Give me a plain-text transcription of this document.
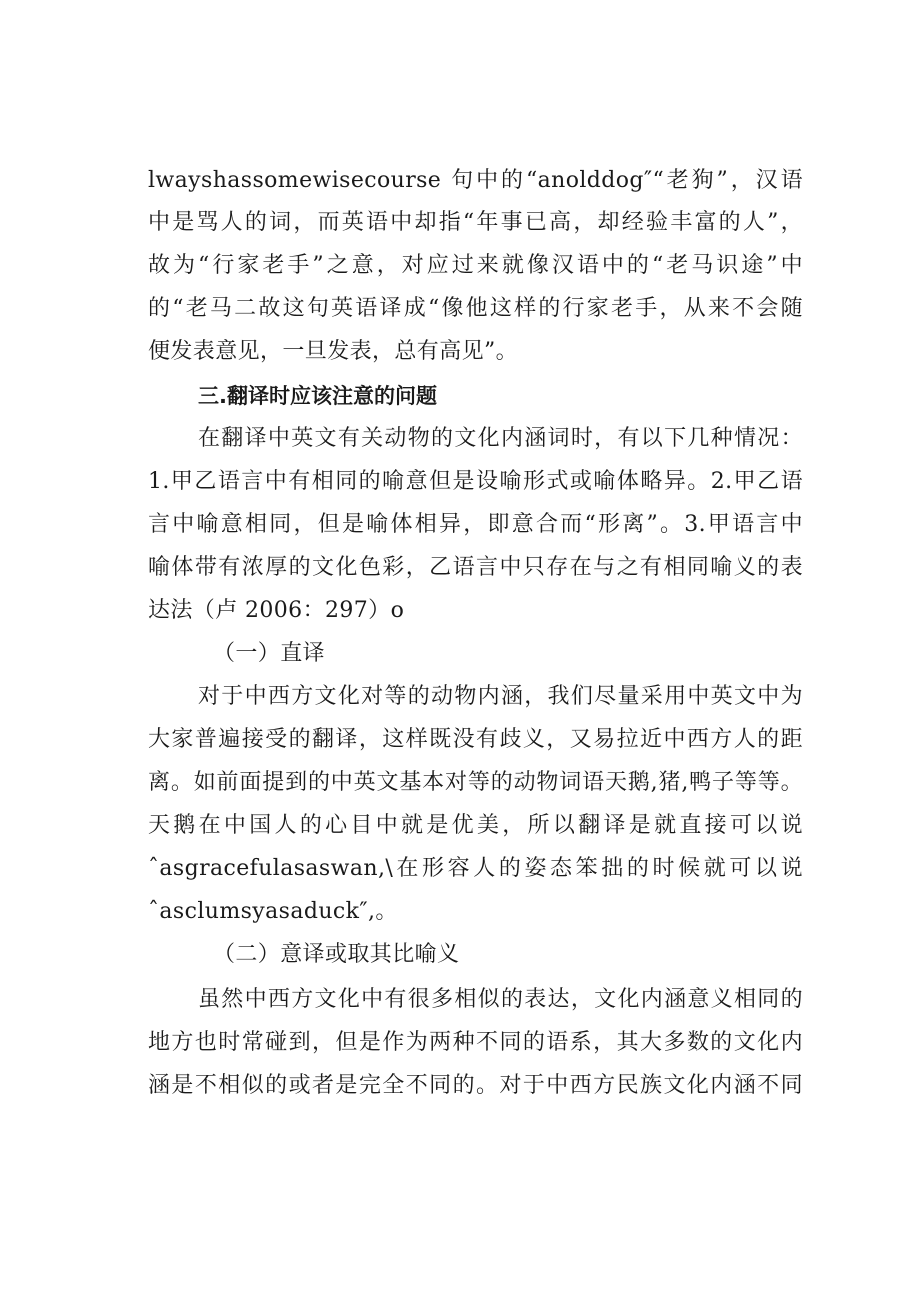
lwayshassomewisecourse 句中的“anolddog″“老狗”，汉语
中是骂人的词，而英语中却指“年事已高，却经验丰富的人”，
故为“行家老手”之意，对应过来就像汉语中的“老马识途”中
的“老马二故这句英语译成“像他这样的行家老手，从来不会随
便发表意见，一旦发表，总有高见”。
三.翻译时应该注意的问题
在翻译中英文有关动物的文化内涵词时，有以下几种情况：
1.甲乙语言中有相同的喻意但是设喻形式或喻体略异。2.甲乙语
言中喻意相同，但是喻体相异，即意合而“形离”。3.甲语言中
喻体带有浓厚的文化色彩，乙语言中只存在与之有相同喻义的表
达法（卢 2006：297）o
（一）直译
对于中西方文化对等的动物内涵，我们尽量采用中英文中为
大家普遍接受的翻译，这样既没有歧义，又易拉近中西方人的距
离。如前面提到的中英文基本对等的动物词语天鹅,猪,鸭子等等。
天鹅在中国人的心目中就是优美，所以翻译是就直接可以说
ˆasgracefulasaswan,\在形容人的姿态笨拙的时候就可以说
ˆasclumsyasaduck″,。
（二）意译或取其比喻义
虽然中西方文化中有很多相似的表达，文化内涵意义相同的
地方也时常碰到，但是作为两种不同的语系，其大多数的文化内
涵是不相似的或者是完全不同的。对于中西方民族文化内涵不同
